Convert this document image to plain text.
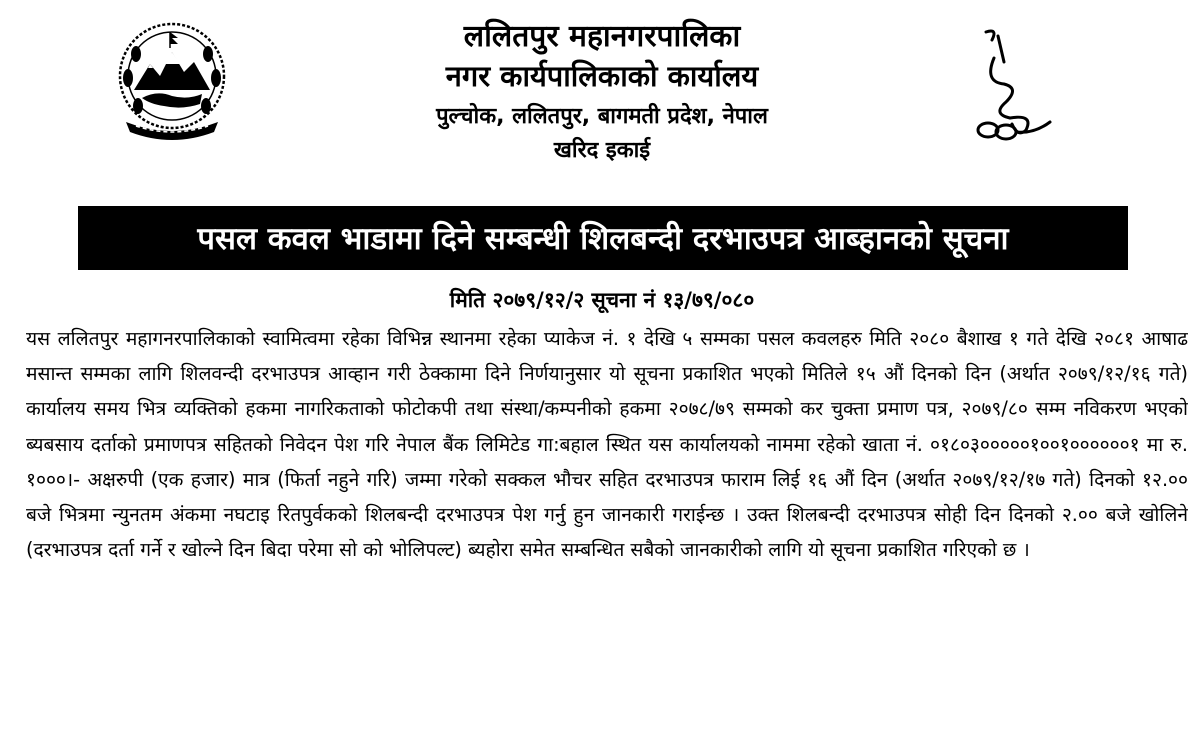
ललितपुर महानगरपालिका

नगर कार्यपालिकाको कार्यालय

पुल्चोक, ललितपुर, बागमती प्रदेश, नेपाल

खरिद इकाई

पसल कवल भाडामा दिने सम्बन्धी शिलबन्दी दरभाउपत्र आब्हानको सूचना
मिति २०७९/१२/२ सूचना नं १३/७९/०८०

यस ललितपुर महागनरपालिकाको स्वामित्वमा रहेका विभिन्न स्थानमा रहेका प्याकेज नं. १ देखि ५ सम्मका पसल कवलहरु मिति २०८० बैशाख १ गते देखि २०८१ आषाढ मसान्त सम्मका लागि शिलवन्दी दरभाउपत्र आव्हान गरी ठेक्कामा दिने निर्णयानुसार यो सूचना प्रकाशित भएको मितिले १५ औं दिनको दिन (अर्थात २०७९/१२/१६ गते) कार्यालय समय भित्र व्यक्तिको हकमा नागरिकताको फोटोकपी तथा संस्था/कम्पनीको हकमा २०७८/७९ सम्मको कर चुक्ता प्रमाण पत्र, २०७९/८० सम्म नविकरण भएको ब्यबसाय दर्ताको प्रमाणपत्र सहितको निवेदन पेश गरि नेपाल बैंक लिमिटेड गा:बहाल स्थित यस कार्यालयको नाममा रहेको खाता नं. ०१८०३०००००१००१००००००१ मा रु. १०००।- अक्षरुपी (एक हजार) मात्र (फिर्ता नहुने गरि) जम्मा गरेको सक्कल भौचर सहित दरभाउपत्र फाराम लिई १६ औं दिन (अर्थात २०७९/१२/१७ गते) दिनको १२.०० बजे भित्रमा न्युनतम अंकमा नघटाइ रितपुर्वकको शिलबन्दी दरभाउपत्र पेश गर्नु हुन जानकारी गराईन्छ । उक्त शिलबन्दी दरभाउपत्र सोही दिन दिनको २.०० बजे खोलिने (दरभाउपत्र दर्ता गर्ने र खोल्ने दिन बिदा परेमा सो को भोलिपल्ट) ब्यहोरा समेत सम्बन्धित सबैको जानकारीको लागि यो सूचना प्रकाशित गरिएको छ ।
